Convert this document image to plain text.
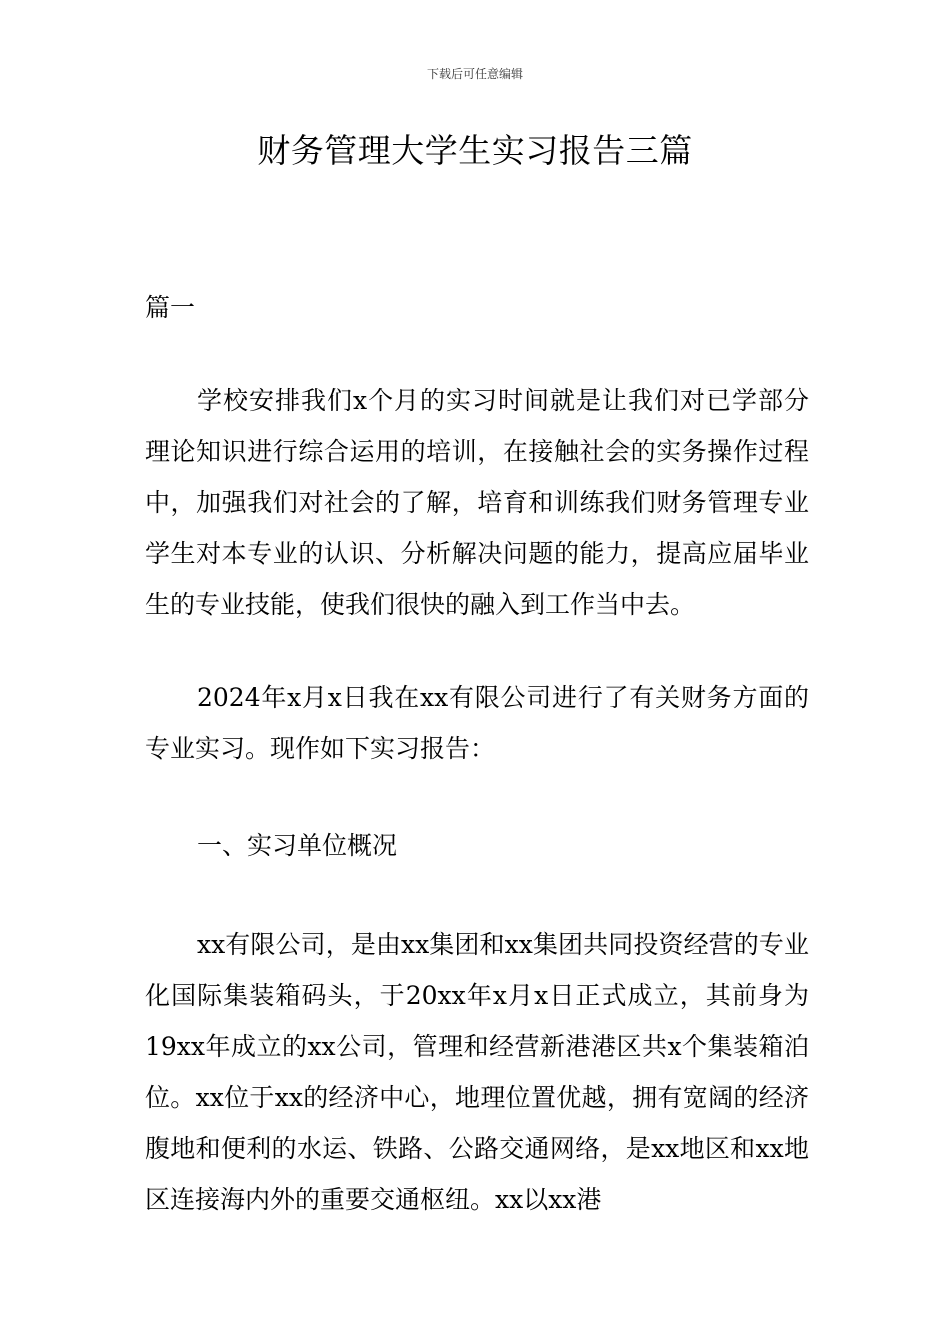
下载后可任意编辑
财务管理大学生实习报告三篇

篇一

学校安排我们x个月的实习时间就是让我们对已学部分理论知识进行综合运用的培训，在接触社会的实务操作过程中，加强我们对社会的了解，培育和训练我们财务管理专业学生对本专业的认识、分析解决问题的能力，提高应届毕业生的专业技能，使我们很快的融入到工作当中去。

2024年x月x日我在xx有限公司进行了有关财务方面的专业实习。现作如下实习报告：

一、实习单位概况

xx有限公司，是由xx集团和xx集团共同投资经营的专业化国际集装箱码头，于20xx年x月x日正式成立，其前身为19xx年成立的xx公司，管理和经营新港港区共x个集装箱泊位。xx位于xx的经济中心，地理位置优越，拥有宽阔的经济腹地和便利的水运、铁路、公路交通网络，是xx地区和xx地区连接海内外的重要交通枢纽。xx以xx港
